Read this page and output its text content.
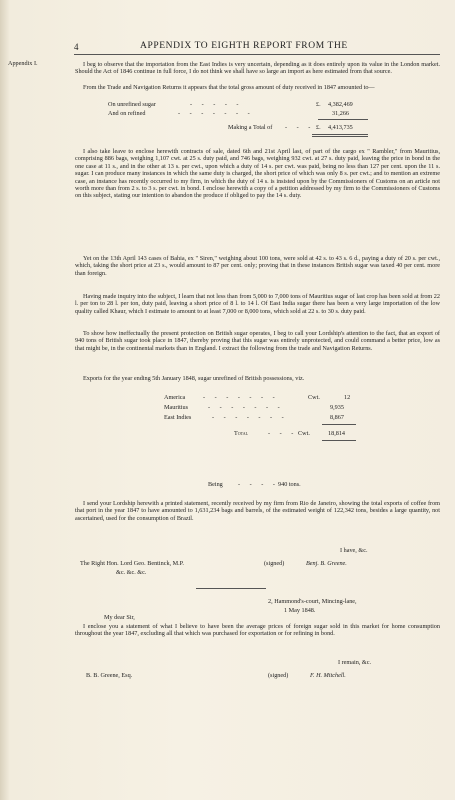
4	APPENDIX TO EIGHTH REPORT FROM THE
Appendix I.	I beg to observe that the importation from the East Indies is very uncertain, depending as it does entirely upon its value in the London market. Should the Act of 1846 continue in full force, I do not think we shall have so large an import as here estimated from that source.

From the Trade and Navigation Returns it appears that the total gross amount of duty received in 1847 amounted to—

On unrefined sugar	- - - - -	£. 4,382,469
And on refined	- - - - - - -	31,266
Making a Total of - - - £. 4,413,735

I also take leave to enclose herewith contracts of sale, dated 6th and 21st April last, of part of the cargo ex " Rambler," from Mauritius, comprising 886 bags, weighing 1,107 cwt. at 25 s. duty paid, and 746 bags, weighing 932 cwt. at 27 s. duty paid, leaving the price in bond in the one case at 11 s., and in the other at 13 s. per cwt., upon which a duty of 14 s. per cwt. was paid, being no less than 127 per cent. upon the 11 s. sugar. I can produce many instances in which the same duty is charged, the short price of which was only 8 s. per cwt.; and to mention an extreme case, an instance has recently occurred to my firm, in which the duty of 14 s. is insisted upon by the Commissioners of Customs on an article not worth more than from 2 s. to 3 s. per cwt. in bond. I enclose herewith a copy of a petition addressed by my firm to the Commissioners of Customs on this subject, stating our intention to abandon the produce if obliged to pay the 14 s. duty.

Yet on the 13th April 143 cases of Bahia, ex " Siren," weighing about 100 tons, were sold at 42 s. to 43 s. 6 d., paying a duty of 20 s. per cwt., which, taking the short price at 23 s., would amount to 87 per cent. only; proving that in these instances British sugar was taxed 40 per cent. more than foreign.

Having made inquiry into the subject, I learn that not less than from 5,000 to 7,000 tons of Mauritius sugar of last crop has been sold at from 22 l. per ton to 28 l. per ton, duty paid, leaving a short price of 8 l. to 14 l. Of East India sugar there has been a very large importation of the low quality called Khaur, which I estimate to amount to at least 7,000 or 8,000 tons, which sold at 22 s. to 30 s. duty paid.

To show how ineffectually the present protection on British sugar operates, I beg to call your Lordship's attention to the fact, that an export of 940 tons of British sugar took place in 1847, thereby proving that this sugar was entirely unprotected, and could command a better price, low as that might be, in the continental markets than in England. I extract the following from the trade and Navigation Returns.

Exports for the year ending 5th January 1848, sugar unrefined of British possessions, viz.

America	- - - - - - -	Cwt.	12
Mauritius	- - - - - - -	9,935
East Indies	- - - - - - -	8,867
Total	- - - Cwt.	18,814
Being - - - - 940 tons.

I send your Lordship herewith a printed statement, recently received by my firm from Rio de Janeiro, showing the total exports of coffee from that port in the year 1847 to have amounted to 1,631,234 bags and barrels, of the estimated weight of 122,342 tons, besides a large quantity, not ascertained, used for the consumption of Brazil.

I have, &c.
The Right Hon. Lord Geo. Bentinck, M.P.
&c. &c. &c.
(signed)	Benj. B. Greene.
2, Hammond's-court, Mincing-lane,
1 May 1848.
My dear Sir,

I enclose you a statement of what I believe to have been the average prices of foreign sugar sold in this market for home consumption throughout the year 1847, excluding all that which was purchased for exportation or for refining in bond.

I remain, &c.
B. B. Greene, Esq.	(signed)	F. H. Mitchell.
